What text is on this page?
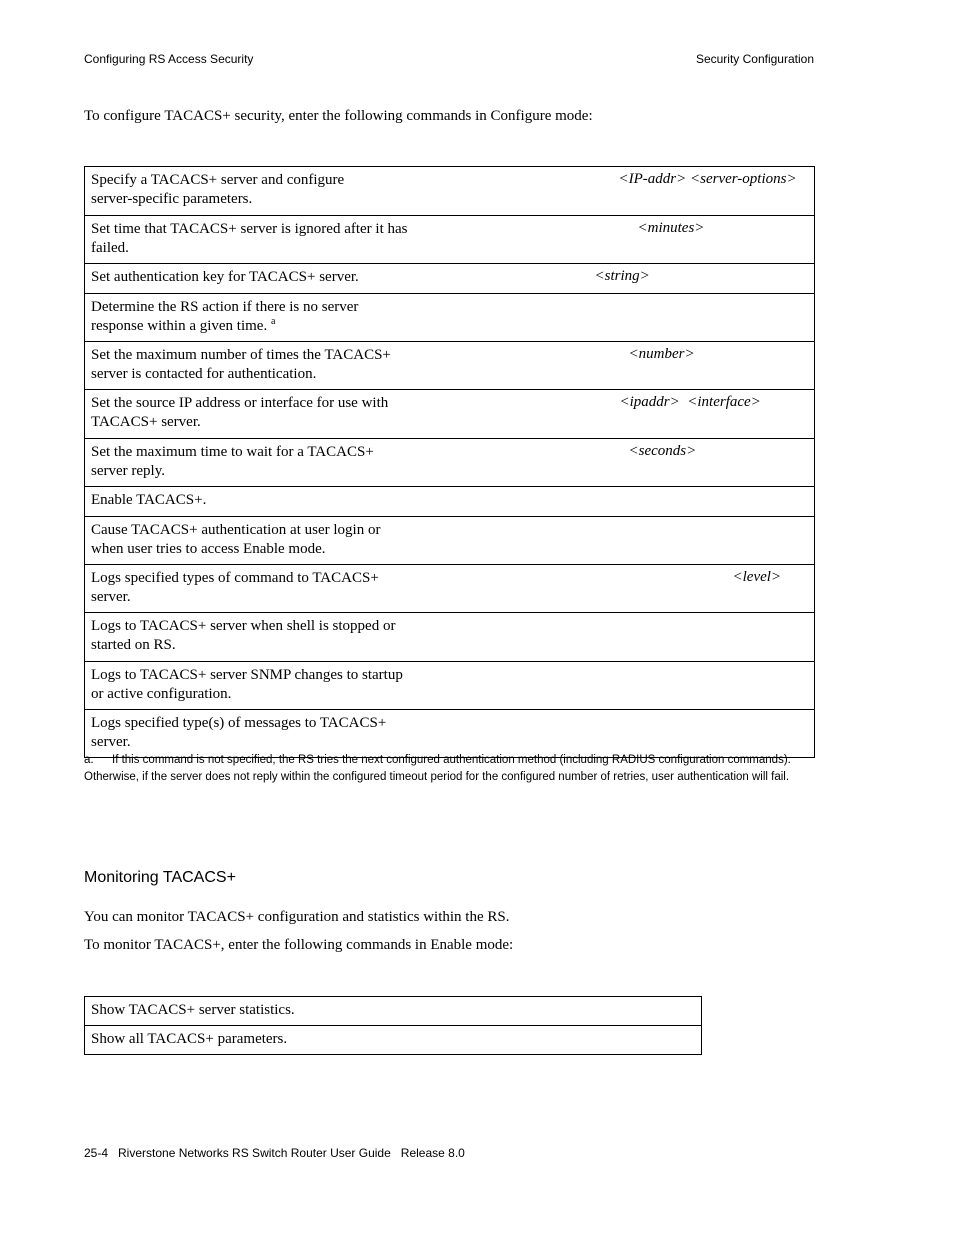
Configuring RS Access Security	Security Configuration
To configure TACACS+ security, enter the following commands in Configure mode:
Specify a TACACS+ server and configure
server-specific parameters.	<IP-addr> <server-options>

Set time that TACACS+ server is ignored after it has
failed.	<minutes>

Set authentication key for TACACS+ server.	<string>

Determine the RS action if there is no server
response within a given time. $^a$	
Set the maximum number of times the TACACS+
server is contacted for authentication.	<number>

Set the source IP address or interface for use with
TACACS+ server.	<ipaddr>  <interface>

Set the maximum time to wait for a TACACS+
server reply.	<seconds>

Enable TACACS+.	
Cause TACACS+ authentication at user login or
when user tries to access Enable mode.	
Logs specified types of command to TACACS+
server.	<level>

Logs to TACACS+ server when shell is stopped or
started on RS.	
Logs to TACACS+ server SNMP changes to startup
or active configuration.	
Logs specified type(s) of messages to TACACS+
server.	
a. If this command is not specified, the RS tries the next configured authentication method (including RADIUS configuration commands). Otherwise, if the server does not reply within the configured timeout period for the configured number of retries, user authentication will fail.
Monitoring TACACS+
You can monitor TACACS+ configuration and statistics within the RS.
To monitor TACACS+, enter the following commands in Enable mode:
Show TACACS+ server statistics.
Show all TACACS+ parameters.
25-4   Riverstone Networks RS Switch Router User Guide   Release 8.0
